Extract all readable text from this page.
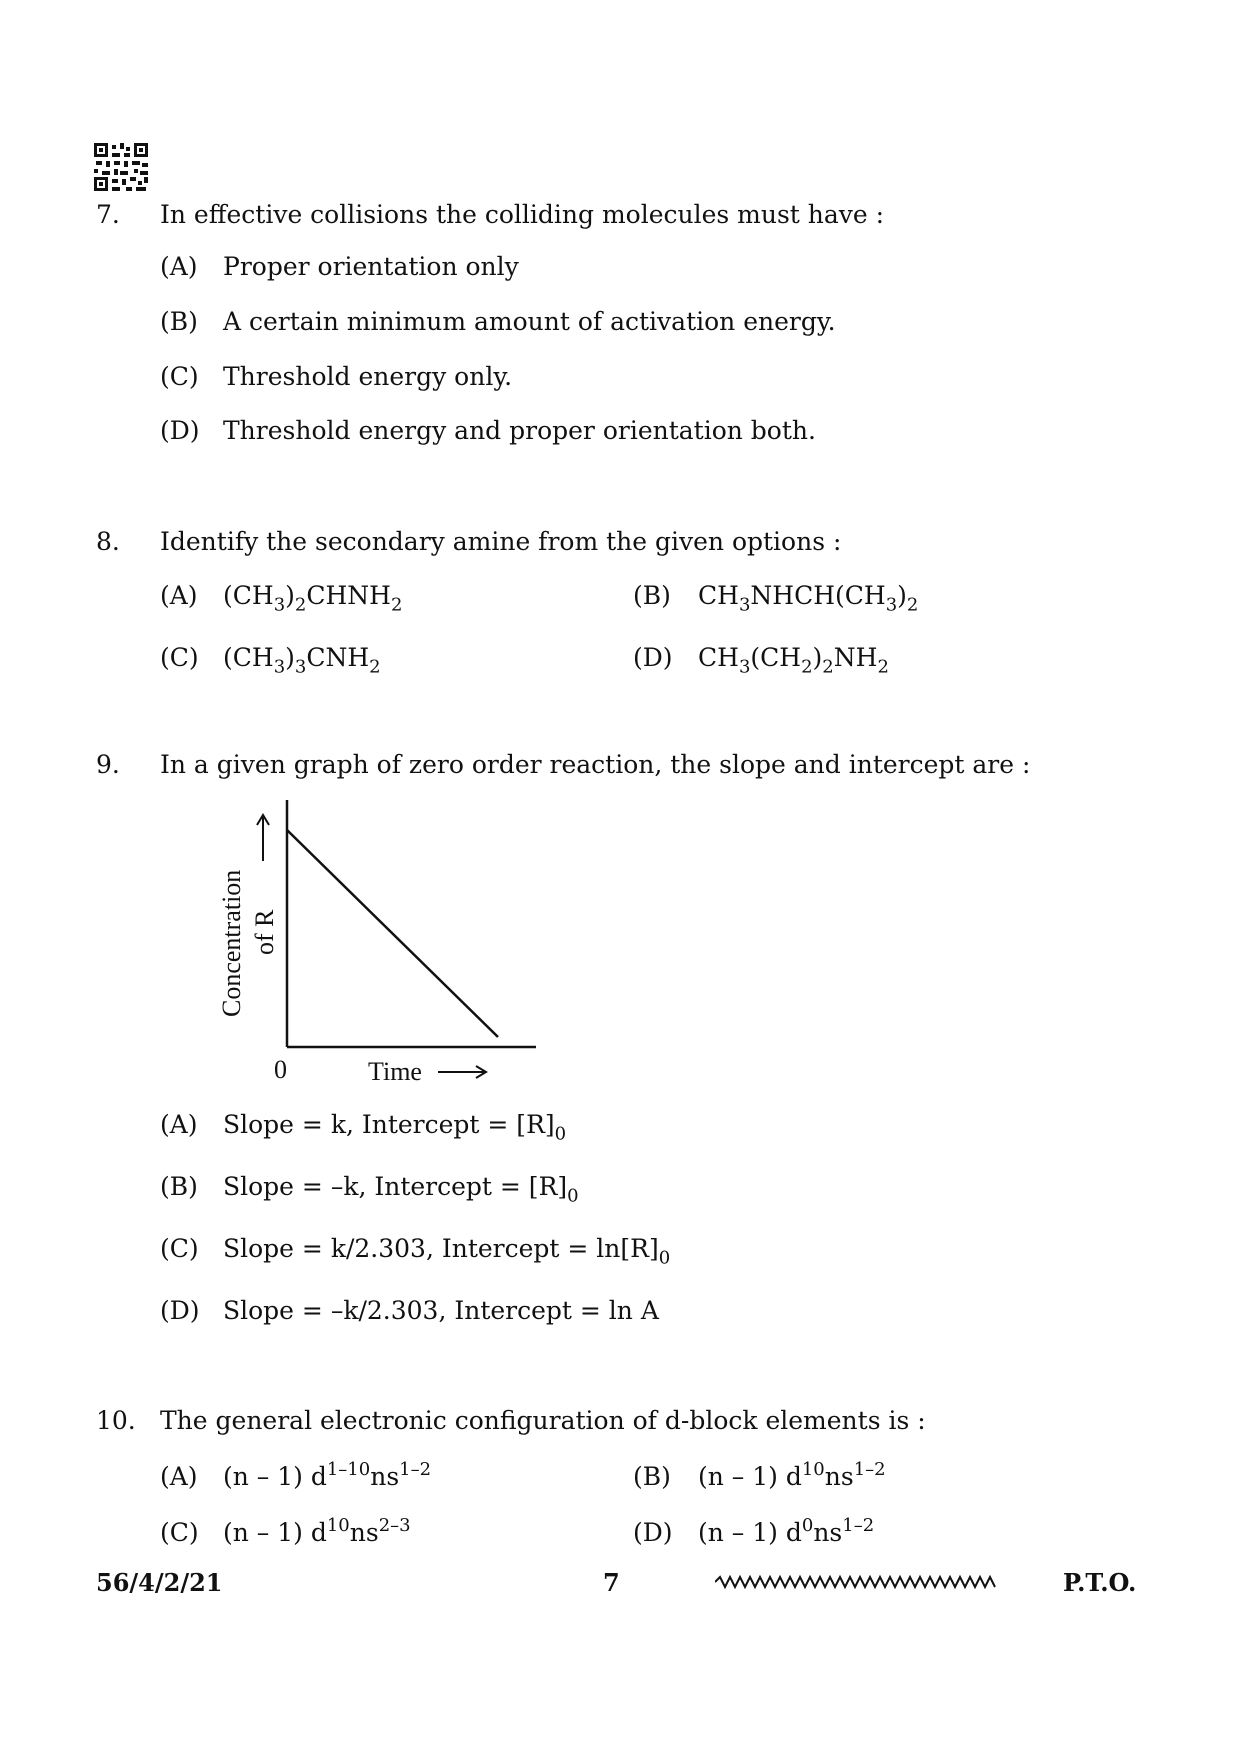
7. In effective collisions the colliding molecules must have :
(A) Proper orientation only
(B) A certain minimum amount of activation energy.
(C) Threshold energy only.
(D) Threshold energy and proper orientation both.
8. Identify the secondary amine from the given options :
(A) $(CH_3)_2CHNH_2$	(B) $CH_3NHCH(CH_3)_2$
(C) $(CH_3)_3CNH_2$	(D) $CH_3(CH_2)_2NH_2$
9. In a given graph of zero order reaction, the slope and intercept are :
Concentration of R
0	Time
(A) Slope = k, Intercept = $[R]_0$
(B) Slope = –k, Intercept = $[R]_0$
(C) Slope = k/2.303, Intercept = $\ln[R]_0$
(D) Slope = –k/2.303, Intercept = ln A
10. The general electronic configuration of d-block elements is :
(A) (n – 1) $d^{1-10}ns^{1-2}$	(B) (n – 1) $d^{10}ns^{1-2}$
(C) (n – 1) $d^{10}ns^{2-3}$	(D) (n – 1) $d^0ns^{1-2}$
56/4/2/21	7	P.T.O.
